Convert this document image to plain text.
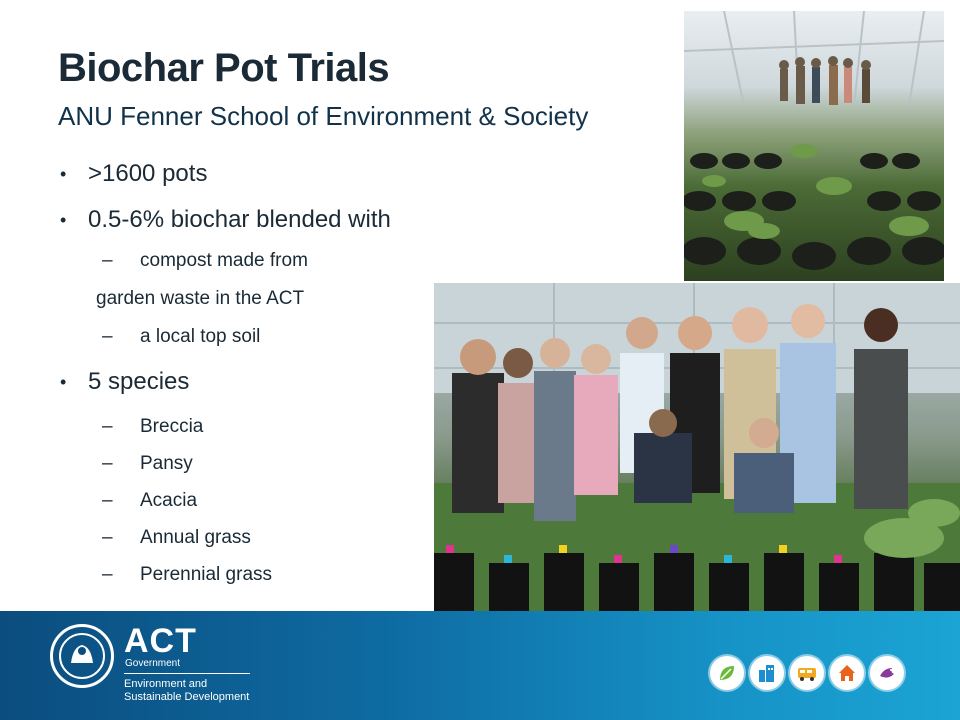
Biochar Pot Trials
ANU Fenner School of Environment & Society
• >1600 pots
• 0.5-6% biochar blended with
–	compost made from
garden waste in the ACT
–	a local top soil
• 5 species
–	Breccia
–	Pansy
–	Acacia
–	Annual grass
–	Perennial grass
ACT
Government
Environment and
Sustainable Development
